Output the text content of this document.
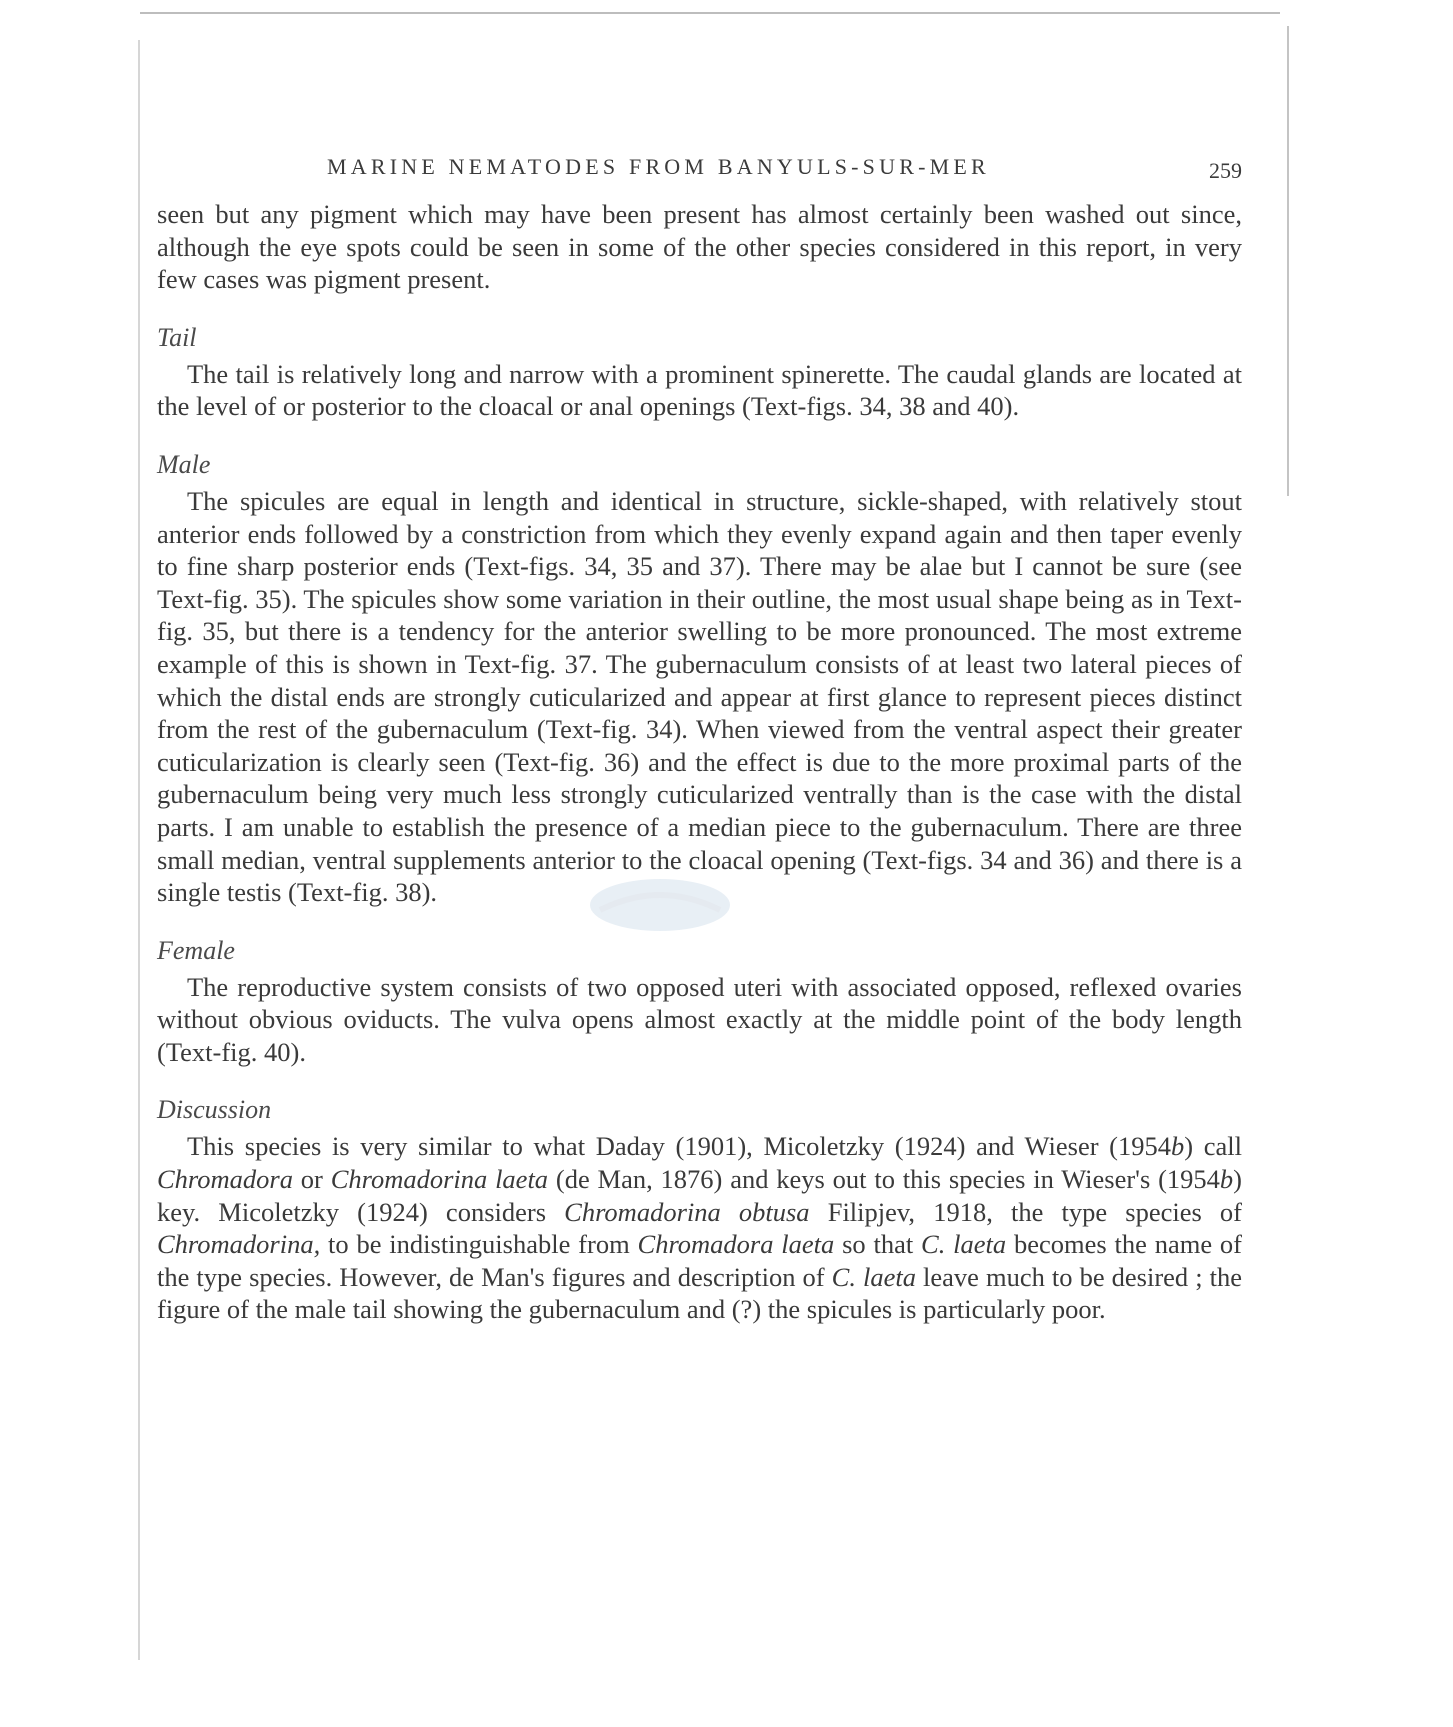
MARINE NEMATODES FROM BANYULS-SUR-MER	259

seen but any pigment which may have been present has almost certainly been washed out since, although the eye spots could be seen in some of the other species considered in this report, in very few cases was pigment present.

Tail

The tail is relatively long and narrow with a prominent spinerette. The caudal glands are located at the level of or posterior to the cloacal or anal openings (Text-figs. 34, 38 and 40).

Male

The spicules are equal in length and identical in structure, sickle-shaped, with relatively stout anterior ends followed by a constriction from which they evenly expand again and then taper evenly to fine sharp posterior ends (Text-figs. 34, 35 and 37). There may be alae but I cannot be sure (see Text-fig. 35). The spicules show some variation in their outline, the most usual shape being as in Text-fig. 35, but there is a tendency for the anterior swelling to be more pronounced. The most extreme example of this is shown in Text-fig. 37. The gubernaculum consists of at least two lateral pieces of which the distal ends are strongly cuticularized and appear at first glance to represent pieces distinct from the rest of the gubernaculum (Text-fig. 34). When viewed from the ventral aspect their greater cuticularization is clearly seen (Text-fig. 36) and the effect is due to the more proximal parts of the gubernaculum being very much less strongly cuticularized ventrally than is the case with the distal parts. I am unable to establish the presence of a median piece to the gubernaculum. There are three small median, ventral supplements anterior to the cloacal opening (Text-figs. 34 and 36) and there is a single testis (Text-fig. 38).

Female

The reproductive system consists of two opposed uteri with associated opposed, reflexed ovaries without obvious oviducts. The vulva opens almost exactly at the middle point of the body length (Text-fig. 40).

Discussion

This species is very similar to what Daday (1901), Micoletzky (1924) and Wieser (1954b) call Chromadora or Chromadorina laeta (de Man, 1876) and keys out to this species in Wieser's (1954b) key. Micoletzky (1924) considers Chromadorina obtusa Filipjev, 1918, the type species of Chromadorina, to be indistinguishable from Chromadora laeta so that C. laeta becomes the name of the type species. However, de Man's figures and description of C. laeta leave much to be desired ; the figure of the male tail showing the gubernaculum and (?) the spicules is particularly poor.
